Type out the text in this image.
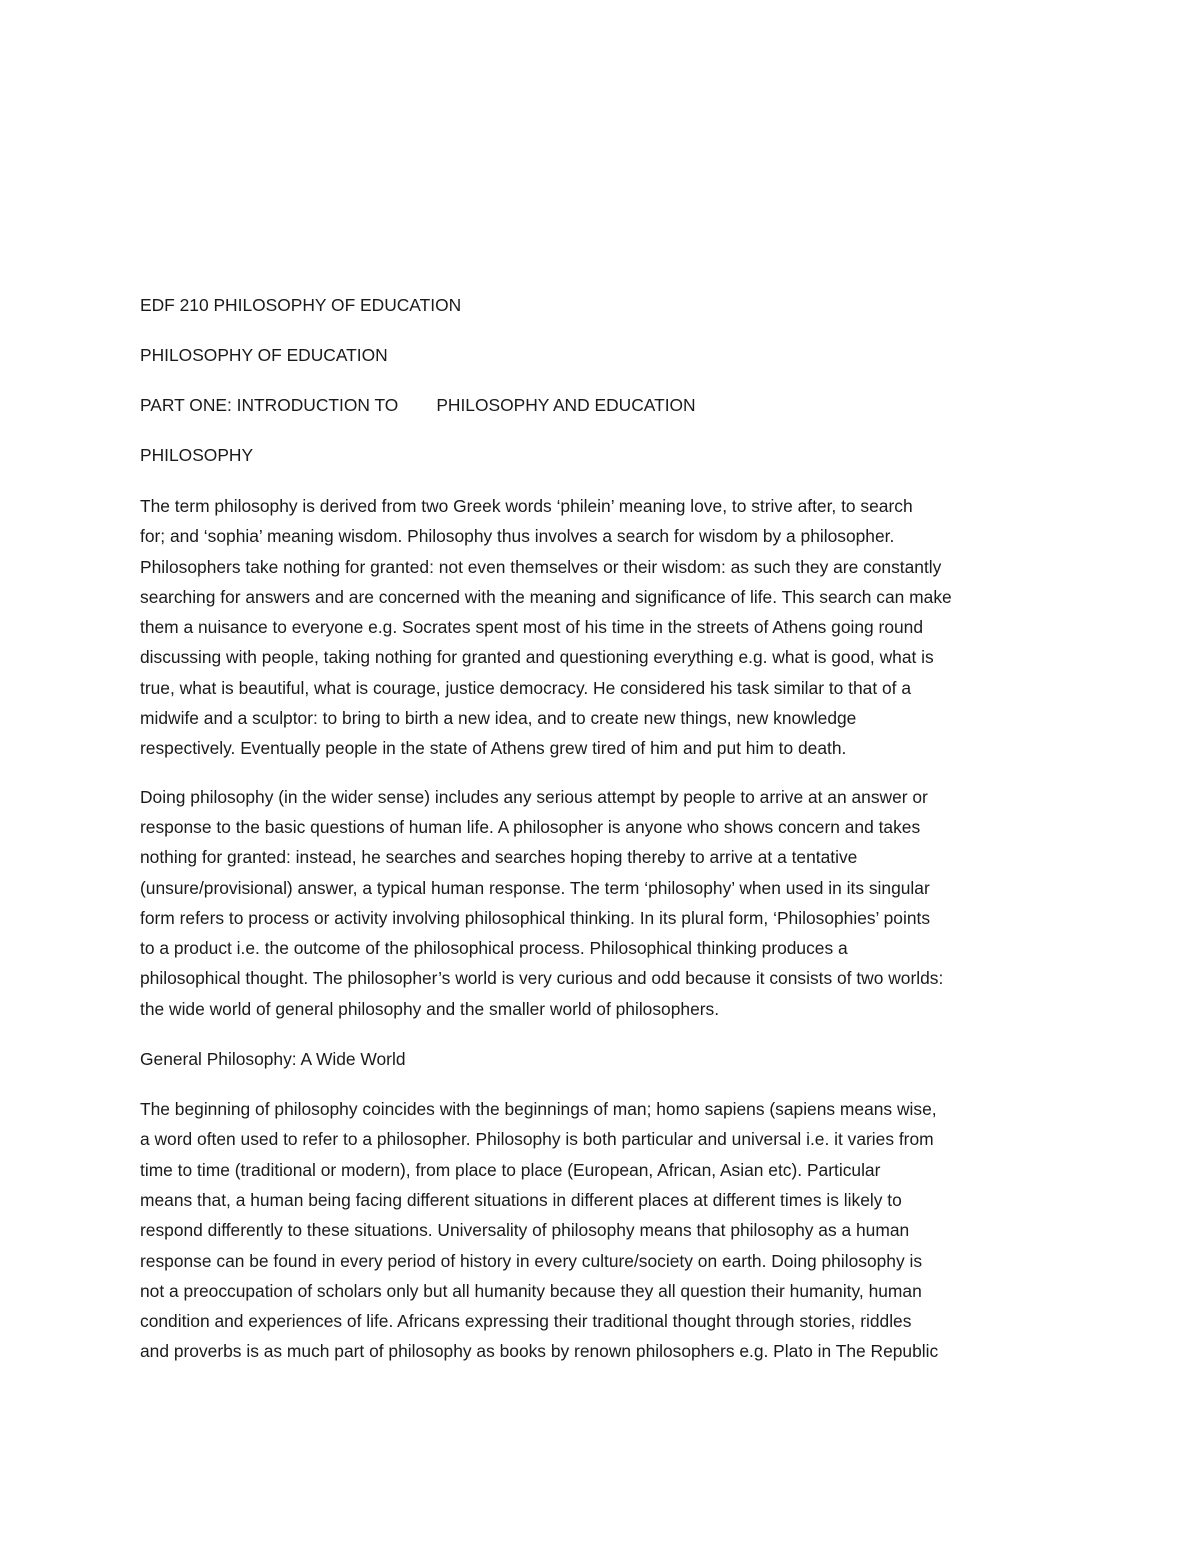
EDF 210 PHILOSOPHY OF EDUCATION

PHILOSOPHY OF EDUCATION

PART ONE: INTRODUCTION TO PHILOSOPHY AND EDUCATION

PHILOSOPHY

The term philosophy is derived from two Greek words ‘philein’ meaning love, to strive after, to search
for; and ‘sophia’ meaning wisdom. Philosophy thus involves a search for wisdom by a philosopher.
Philosophers take nothing for granted: not even themselves or their wisdom: as such they are constantly
searching for answers and are concerned with the meaning and significance of life. This search can make
them a nuisance to everyone e.g. Socrates spent most of his time in the streets of Athens going round
discussing with people, taking nothing for granted and questioning everything e.g. what is good, what is
true, what is beautiful, what is courage, justice democracy. He considered his task similar to that of a
midwife and a sculptor: to bring to birth a new idea, and to create new things, new knowledge
respectively. Eventually people in the state of Athens grew tired of him and put him to death.

Doing philosophy (in the wider sense) includes any serious attempt by people to arrive at an answer or
response to the basic questions of human life. A philosopher is anyone who shows concern and takes
nothing for granted: instead, he searches and searches hoping thereby to arrive at a tentative
(unsure/provisional) answer, a typical human response. The term ‘philosophy’ when used in its singular
form refers to process or activity involving philosophical thinking. In its plural form, ‘Philosophies’ points
to a product i.e. the outcome of the philosophical process. Philosophical thinking produces a
philosophical thought. The philosopher’s world is very curious and odd because it consists of two worlds:
the wide world of general philosophy and the smaller world of philosophers.

General Philosophy: A Wide World

The beginning of philosophy coincides with the beginnings of man; homo sapiens (sapiens means wise,
a word often used to refer to a philosopher. Philosophy is both particular and universal i.e. it varies from
time to time (traditional or modern), from place to place (European, African, Asian etc). Particular
means that, a human being facing different situations in different places at different times is likely to
respond differently to these situations. Universality of philosophy means that philosophy as a human
response can be found in every period of history in every culture/society on earth. Doing philosophy is
not a preoccupation of scholars only but all humanity because they all question their humanity, human
condition and experiences of life. Africans expressing their traditional thought through stories, riddles
and proverbs is as much part of philosophy as books by renown philosophers e.g. Plato in The Republic
